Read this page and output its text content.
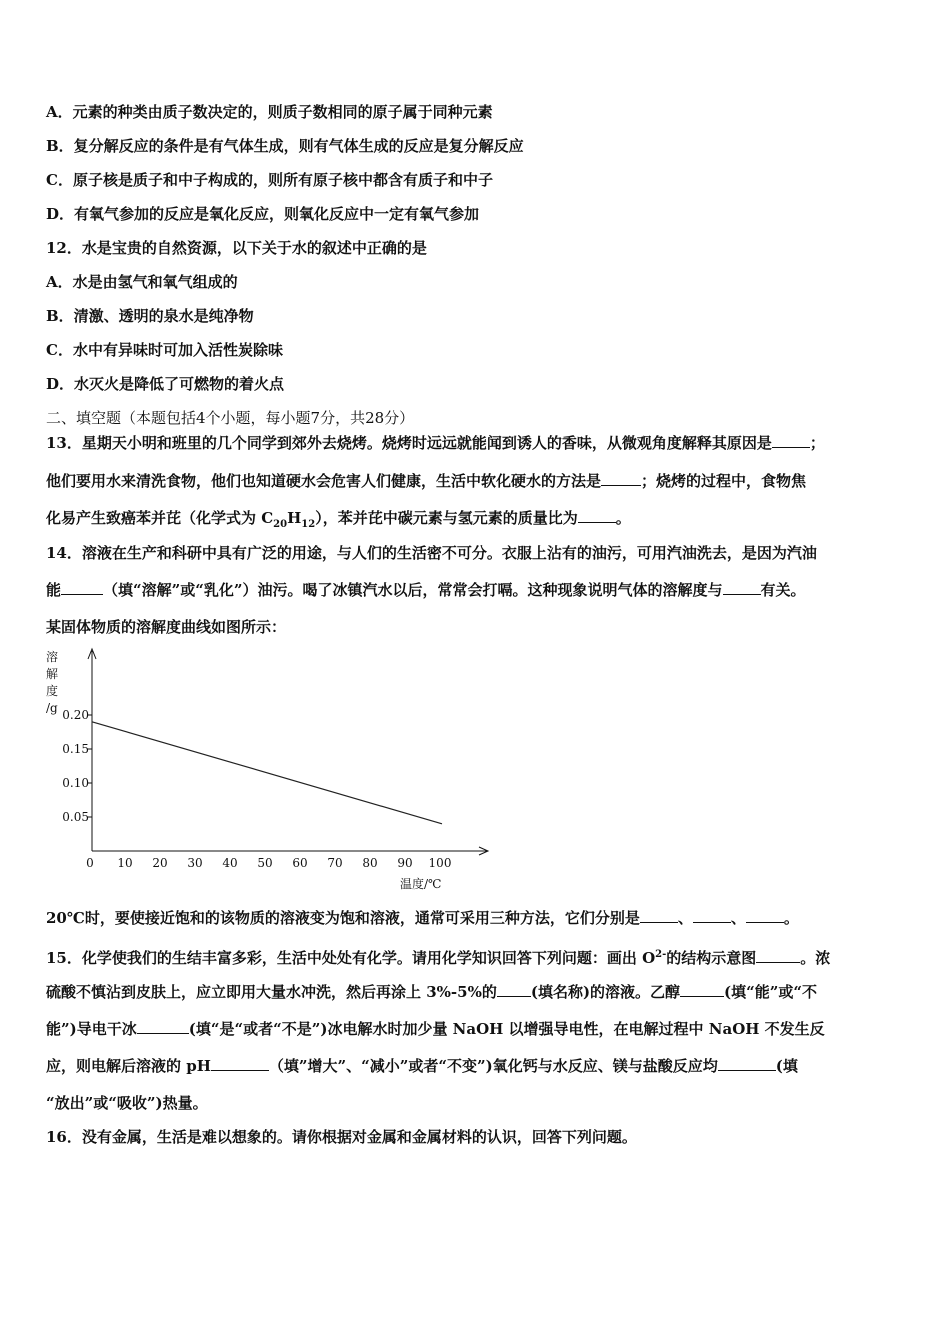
A．元素的种类由质子数决定的，则质子数相同的原子属于同种元素
B．复分解反应的条件是有气体生成，则有气体生成的反应是复分解反应
C．原子核是质子和中子构成的，则所有原子核中都含有质子和中子
D．有氧气参加的反应是氧化反应，则氧化反应中一定有氧气参加
12．水是宝贵的自然资源，以下关于水的叙述中正确的是
A．水是由氢气和氧气组成的
B．清激、透明的泉水是纯净物
C．水中有异味时可加入活性炭除味
D．水灭火是降低了可燃物的着火点
二、填空题（本题包括4个小题，每小题7分，共28分）
13．星期天小明和班里的几个同学到郊外去烧烤。烧烤时远远就能闻到诱人的香味，从微观角度解释其原因是	；
他们要用水来清洗食物，他们也知道硬水会危害人们健康，生活中软化硬水的方法是	；烧烤的过程中，食物焦
化易产生致癌苯并芘（化学式为 $C_{20}H_{12}$），苯并芘中碳元素与氢元素的质量比为	。
14．溶液在生产和科研中具有广泛的用途，与人们的生活密不可分。衣服上沾有的油污，可用汽油洗去，是因为汽油
能	（填“溶解”或“乳化”）油污。喝了冰镇汽水以后，常常会打嗝。这种现象说明气体的溶解度与	有关。
某固体物质的溶解度曲线如图所示：
溶
解
度
/g
0 10 20 30 40 50 60 70 80 90 100
0.05
0.10
0.15
0.20
温度/℃
20℃时，要使接近饱和的该物质的溶液变为饱和溶液，通常可采用三种方法，它们分别是	、	、	。
15．化学使我们的生结丰富多彩，生活中处处有化学。请用化学知识回答下列问题：画出 $O^{2-}$的结构示意图	。浓
硫酸不慎沾到皮肤上，应立即用大量水冲洗，然后再涂上 3%-5%的 (填名称)的溶液。乙醇	(填“能”或“不
能”)导电干冰	(填“是“或者“不是”)冰电解水时加少量 NaOH 以增强导电性，在电解过程中 NaOH 不发生反
应，则电解后溶液的 pH	（填”增大”、“减小”或者“不变”)氧化钙与水反应、镁与盐酸反应均	(填
“放出”或“吸收”)热量。
16．没有金属，生活是难以想象的。请你根据对金属和金属材料的认识，回答下列问题。
